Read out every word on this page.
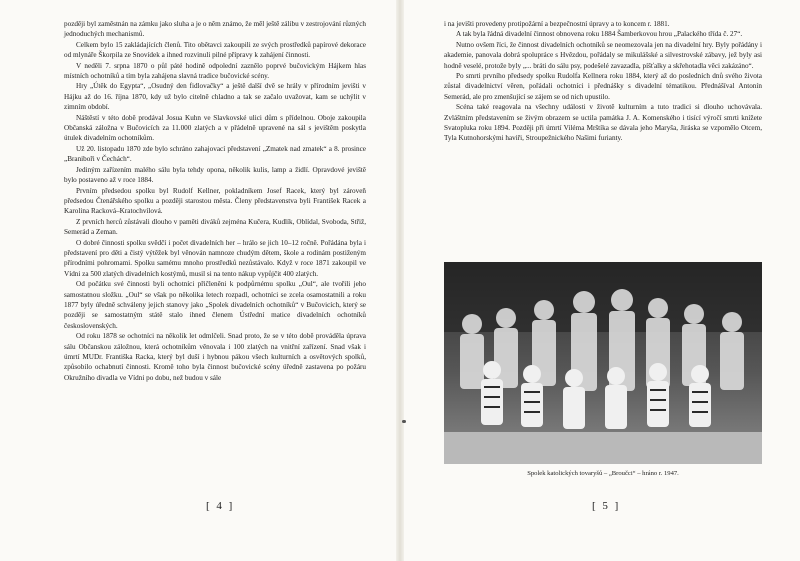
později byl zaměstnán na zámku jako sluha a je o něm známo, že měl ještě zálibu v zestrojování různých jednoduchých mechanismů.

Celkem bylo 15 zakládajících členů. Tito obětavci zakoupili ze svých prostředků papírové dekorace od mlynáře Škorpila ze Snovídek a ihned rozvinuli pilné přípravy k zahájení činnosti.

V neděli 7. srpna 1870 o půl páté hodině odpolední zaznělo poprvé bučovickým Hájkem hlas místních ochotníků a tím byla zahájena slavná tradice bučovické scény.

Hry „Útěk do Egypta“, „Osudný den fidlovačky“ a ještě další dvě se hrály v přírodním jevišti v Hájku až do 16. října 1870, kdy už bylo citelně chladno a tak se začalo uvažovat, kam se uchýlit v zimním období.

Náštěstí v této době prodával Josua Kuhn ve Slavkovské ulici dům s přídelnou. Oboje zakoupila Občanská záložna v Bučovicích za 11.000 zlatých a v přádelně upravené na sál s jevištěm poskytla útulek divadelním ochotníkům.

Už 20. listopadu 1870 zde bylo schráno zahajovací představení „Zmatek nad zmatek“ a 8. prosince „Braniboři v Čechách“.

Jediným zařízením malého sálu byla tehdy opona, několik kulis, lamp a židlí. Opravdové jeviště bylo postaveno až v roce 1884.

Prvním předsedou spolku byl Rudolf Kellner, pokladníkem Josef Racek, který byl zároveň předsedou Čtenářského spolku a později starostou města. Členy představenstva byli František Racek a Karolina Racková–Kratochvílová.

Z prvních herců zůstávali dlouho v paměti diváků zejména Kučera, Kudlík, Oblídal, Svoboda, Střiž, Semerád a Zeman.

O dobré činnosti spolku svědčí i počet divadelních her – hrálo se jich 10–12 ročně. Pořádána byla i představení pro děti a čistý výtěžek byl věnován namnoze chudým dětem, škole a rodinám postiženým přírodními pohromami. Spolku samému mnoho prostředků nezůstávalo. Když v roce 1871 zakoupil ve Vídni za 500 zlatých divadelních kostýmů, musil si na tento nákup vypůjčit 400 zlatých.

Od počátku své činnosti byli ochotníci přičleněni k podpůrnému spolku „Oul“, ale tvořili jeho samostatnou složku. „Oul“ se však po několika letech rozpadl, ochotníci se zcela osamostatnili a roku 1877 byly úředně schváleny jejich stanovy jako „Spolek divadelních ochotníků“ v Bučovicích, který se později se samostatným státě stalo ihned členem Ústřední matice divadelních ochotníků československých.

Od roku 1878 se ochotníci na několik let odmlčeli. Snad proto, že se v této době prováděla úprava sálu Občanskou záložnou, která ochotníkům věnovala i 100 zlatých na vnitřní zařízení. Snad však i úmrtí MUDr. Františka Racka, který byl duší i hybnou pákou všech kulturních a osvětových spolků, způsobilo ochabnutí činnosti. Kromě toho byla činnost bučovické scény úředně zastavena po požáru Okružního divadla ve Vídni po dobu, než budou v sále

[ 4 ]

i na jevišti provedeny protipožární a bezpečnostní úpravy a to koncem r. 1881.

A tak byla řádná divadelní činnost obnovena roku 1884 Šamberkovou hrou „Palackého třída č. 27“.

Nutno ovšem říci, že činnost divadelních ochotníků se neomezovala jen na divadelní hry. Byly pořádány i akademie, panovala dobrá spolupráce s Hvězdou, pořádaly se mikulášské a silvestrovské zábavy, jež byly asi hodně veselé, protože byly „... bráti do sálu psy, podešelé zavazadla, píšťalky a skřehotadla věci zakázáno“.

Po smrti prvního předsedy spolku Rudolfa Kellnera roku 1884, který až do posledních dnů svého života zůstal divadelnictví věren, pořádali ochotníci i přednášky s divadelní tématikou. Přednášíval Antonín Semerád, ale pro zmenšující se zájem se od nich upustilo.

Scéna také reagovala na všechny události v životě kulturním a tuto tradici si dlouho uchovávala. Zvláštním představením se živým obrazem se uctila památka J. A. Komenského i tisící výročí smrti knížete Svatopluka roku 1894. Později při úmrtí Viléma Mrštíka se dávala jeho Maryša, Jiráska se vzpomělo Otcem, Tyla Kutnohorskými haviři, Stroupežnického Našimi furianty.

Spolek katolických tovaryšů – „Broučci“ – hráno r. 1947.
[ 5 ]
